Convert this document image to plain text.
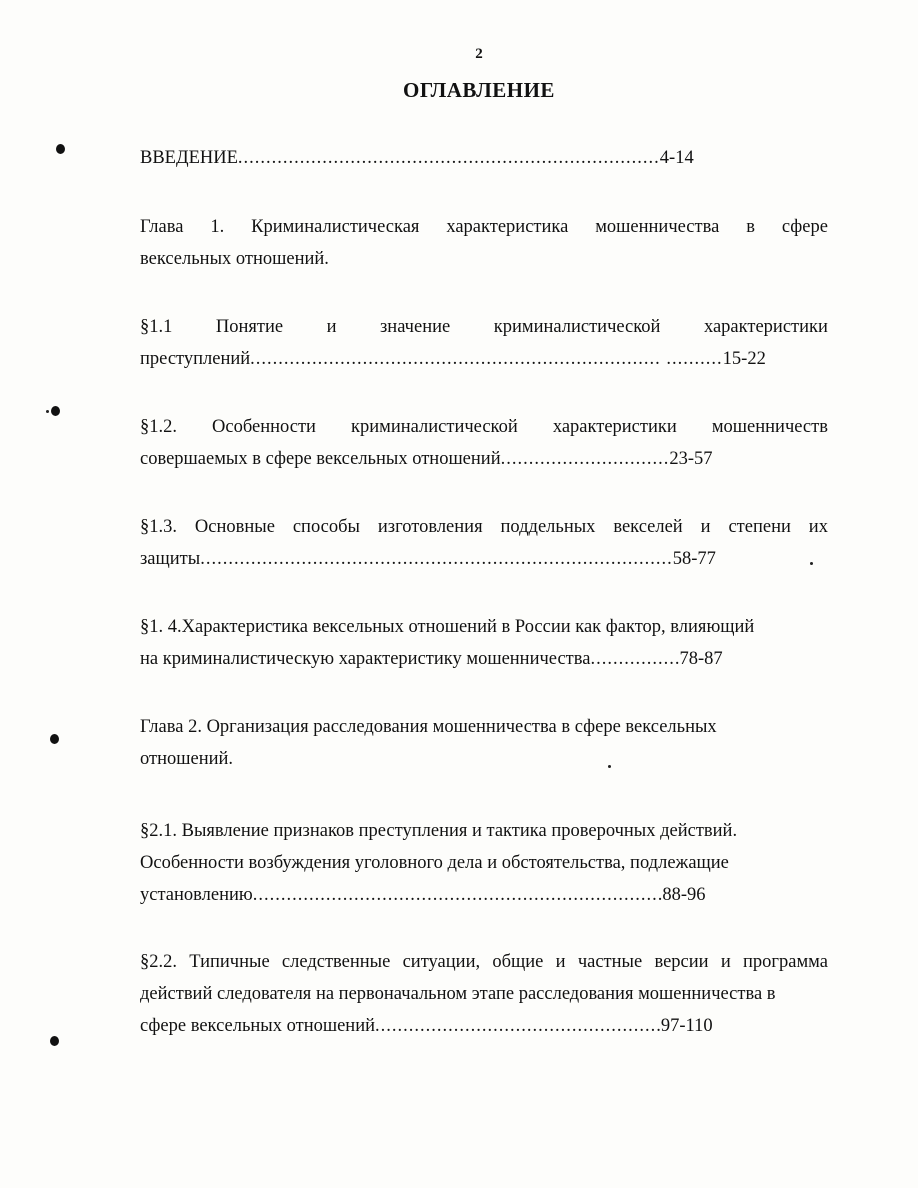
2
ОГЛАВЛЕНИЕ
ВВЕДЕНИЕ ........................................................................... 4-14
Глава 1. Криминалистическая характеристика мошенничества в сфере
вексельных отношений.
§1.1 Понятие и значение криминалистической характеристики
преступлений ......................................................................... .......... 15-22
§1.2. Особенности криминалистической характеристики мошенничеств
совершаемых в сфере вексельных отношений .............................. 23-57
§1.3. Основные способы изготовления поддельных векселей и степени их
защиты .................................................................................... 58-77
§1. 4.Характеристика вексельных отношений в России как фактор, влияющий
на криминалистическую характеристику мошенничества ............... .78-87
Глава 2. Организация расследования мошенничества в сфере вексельных
отношений.
§2.1. Выявление признаков преступления и тактика проверочных действий.
Особенности возбуждения уголовного дела и обстоятельства, подлежащие
установлению ........................................................................ .88-96
§2.2. Типичные следственные ситуации, общие и частные версии и программа
действий следователя на первоначальном этапе расследования мошенничества в
сфере вексельных отношений .................................................. .97-110
